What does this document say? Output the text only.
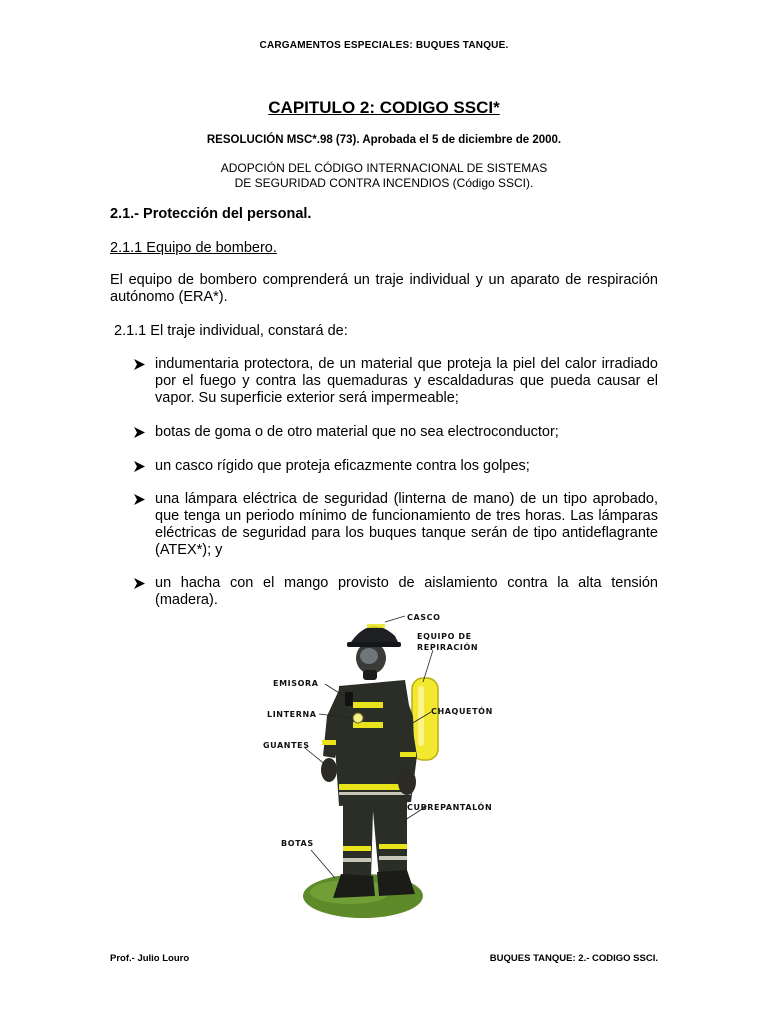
CARGAMENTOS ESPECIALES: BUQUES TANQUE.
CAPITULO 2: CODIGO SSCI*
RESOLUCIÓN MSC*.98 (73). Aprobada el 5 de diciembre de 2000.
ADOPCIÓN DEL CÓDIGO INTERNACIONAL DE SISTEMAS
DE SEGURIDAD CONTRA INCENDIOS (Código SSCI).
2.1.- Protección del personal.
2.1.1 Equipo de bombero.
El equipo de bombero comprenderá un traje individual y un aparato de respiración autónomo (ERA*).
2.1.1 El traje individual, constará de:
indumentaria protectora, de un material que proteja la piel del calor irradiado por el fuego y contra las quemaduras y escaldaduras que pueda causar el vapor. Su superficie exterior será impermeable;
botas de goma o de otro material que no sea electroconductor;
un casco rígido que proteja eficazmente contra los golpes;
una lámpara eléctrica de seguridad (linterna de mano) de un tipo aprobado, que tenga un periodo mínimo de funcionamiento de tres horas. Las lámparas eléctricas de seguridad para los buques tanque serán de tipo antideflagrante (ATEX*); y
un hacha con el mango provisto de aislamiento contra la alta tensión (madera).
CASCO
EQUIPO DE
REPIRACIÓN
EMISORA
LINTERNA	CHAQUETÓN
GUANTES
CUBREPANTALÓN
BOTAS
Prof.- Julio Louro	BUQUES TANQUE: 2.- CODIGO SSCI.
